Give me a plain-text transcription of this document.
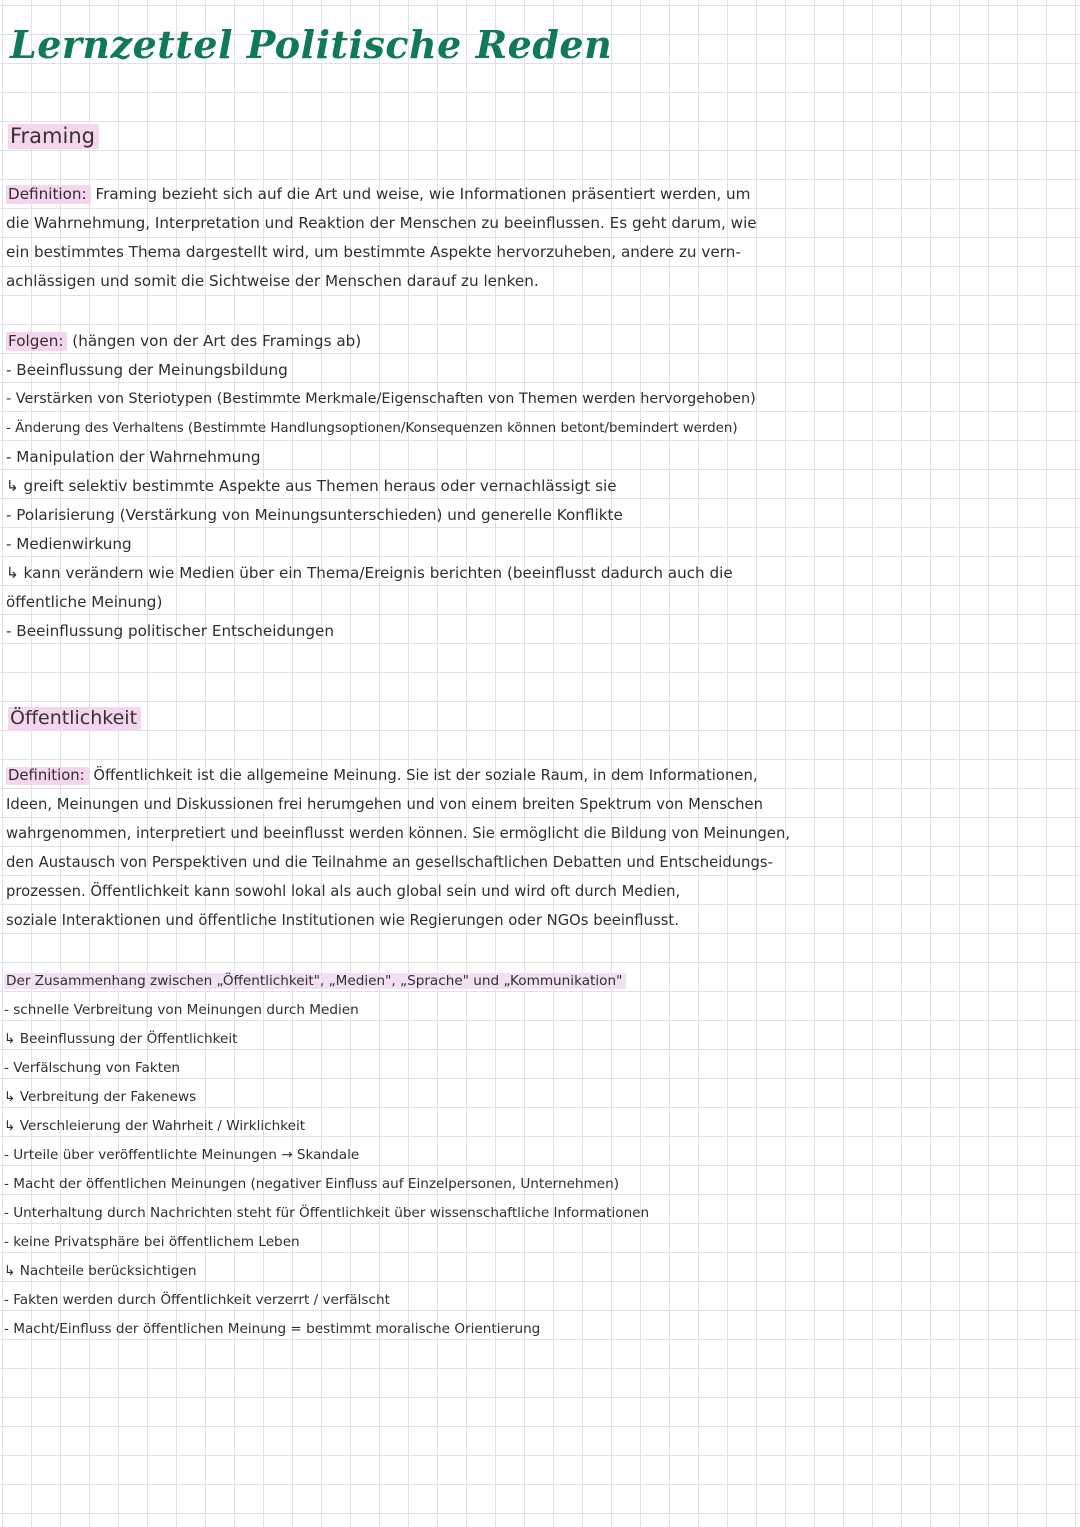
Lernzettel Politische Reden
Framing

Definition: Framing bezieht sich auf die Art und weise, wie Informationen präsentiert werden, um

die Wahrnehmung, Interpretation und Reaktion der Menschen zu beeinflussen. Es geht darum, wie

ein bestimmtes Thema dargestellt wird, um bestimmte Aspekte hervorzuheben, andere zu vern-

achlässigen und somit die Sichtweise der Menschen darauf zu lenken.

Folgen: (hängen von der Art des Framings ab)

- Beeinflussung der Meinungsbildung

- Verstärken von Steriotypen (Bestimmte Merkmale/Eigenschaften von Themen werden hervorgehoben)

- Änderung des Verhaltens (Bestimmte Handlungsoptionen/Konsequenzen können betont/bemindert werden)

- Manipulation der Wahrnehmung

↳ greift selektiv bestimmte Aspekte aus Themen heraus oder vernachlässigt sie

- Polarisierung (Verstärkung von Meinungsunterschieden) und generelle Konflikte

- Medienwirkung

↳ kann verändern wie Medien über ein Thema/Ereignis berichten (beeinflusst dadurch auch die

öffentliche Meinung)

- Beeinflussung politischer Entscheidungen

Öffentlichkeit

Definition: Öffentlichkeit ist die allgemeine Meinung. Sie ist der soziale Raum, in dem Informationen,

Ideen, Meinungen und Diskussionen frei herumgehen und von einem breiten Spektrum von Menschen

wahrgenommen, interpretiert und beeinflusst werden können. Sie ermöglicht die Bildung von Meinungen,

den Austausch von Perspektiven und die Teilnahme an gesellschaftlichen Debatten und Entscheidungs-

prozessen. Öffentlichkeit kann sowohl lokal als auch global sein und wird oft durch Medien,

soziale Interaktionen und öffentliche Institutionen wie Regierungen oder NGOs beeinflusst.

Der Zusammenhang zwischen „Öffentlichkeit", „Medien", „Sprache" und „Kommunikation"

- schnelle Verbreitung von Meinungen durch Medien

↳ Beeinflussung der Öffentlichkeit

- Verfälschung von Fakten

↳ Verbreitung der Fakenews

↳ Verschleierung der Wahrheit / Wirklichkeit

- Urteile über veröffentlichte Meinungen → Skandale

- Macht der öffentlichen Meinungen (negativer Einfluss auf Einzelpersonen, Unternehmen)

- Unterhaltung durch Nachrichten steht für Öffentlichkeit über wissenschaftliche Informationen

- keine Privatsphäre bei öffentlichem Leben

↳ Nachteile berücksichtigen

- Fakten werden durch Öffentlichkeit verzerrt / verfälscht

- Macht/Einfluss der öffentlichen Meinung = bestimmt moralische Orientierung
